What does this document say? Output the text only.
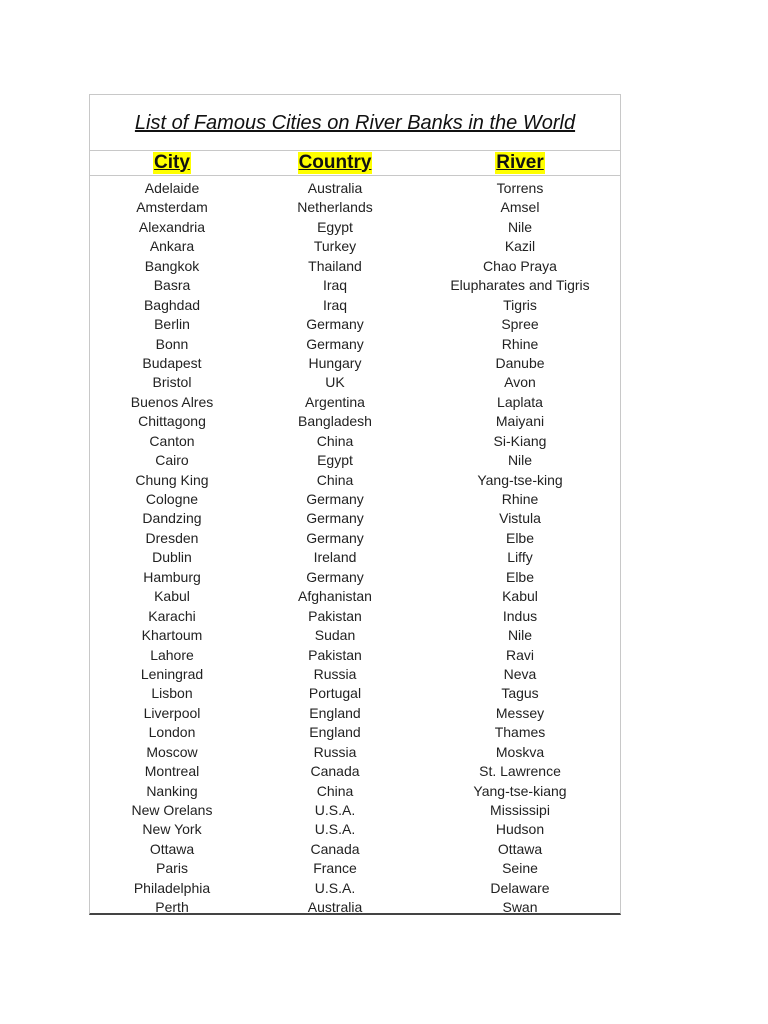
List of Famous Cities on River Banks in the World
City	Country	River
Adelaide	Australia	Torrens
Amsterdam	Netherlands	Amsel
Alexandria	Egypt	Nile
Ankara	Turkey	Kazil
Bangkok	Thailand	Chao Praya
Basra	Iraq	Elupharates and Tigris
Baghdad	Iraq	Tigris
Berlin	Germany	Spree
Bonn	Germany	Rhine
Budapest	Hungary	Danube
Bristol	UK	Avon
Buenos Alres	Argentina	Laplata
Chittagong	Bangladesh	Maiyani
Canton	China	Si-Kiang
Cairo	Egypt	Nile
Chung King	China	Yang-tse-king
Cologne	Germany	Rhine
Dandzing	Germany	Vistula
Dresden	Germany	Elbe
Dublin	Ireland	Liffy
Hamburg	Germany	Elbe
Kabul	Afghanistan	Kabul
Karachi	Pakistan	Indus
Khartoum	Sudan	Nile
Lahore	Pakistan	Ravi
Leningrad	Russia	Neva
Lisbon	Portugal	Tagus
Liverpool	England	Messey
London	England	Thames
Moscow	Russia	Moskva
Montreal	Canada	St. Lawrence
Nanking	China	Yang-tse-kiang
New Orelans	U.S.A.	Mississipi
New York	U.S.A.	Hudson
Ottawa	Canada	Ottawa
Paris	France	Seine
Philadelphia	U.S.A.	Delaware
Perth	Australia	Swan
